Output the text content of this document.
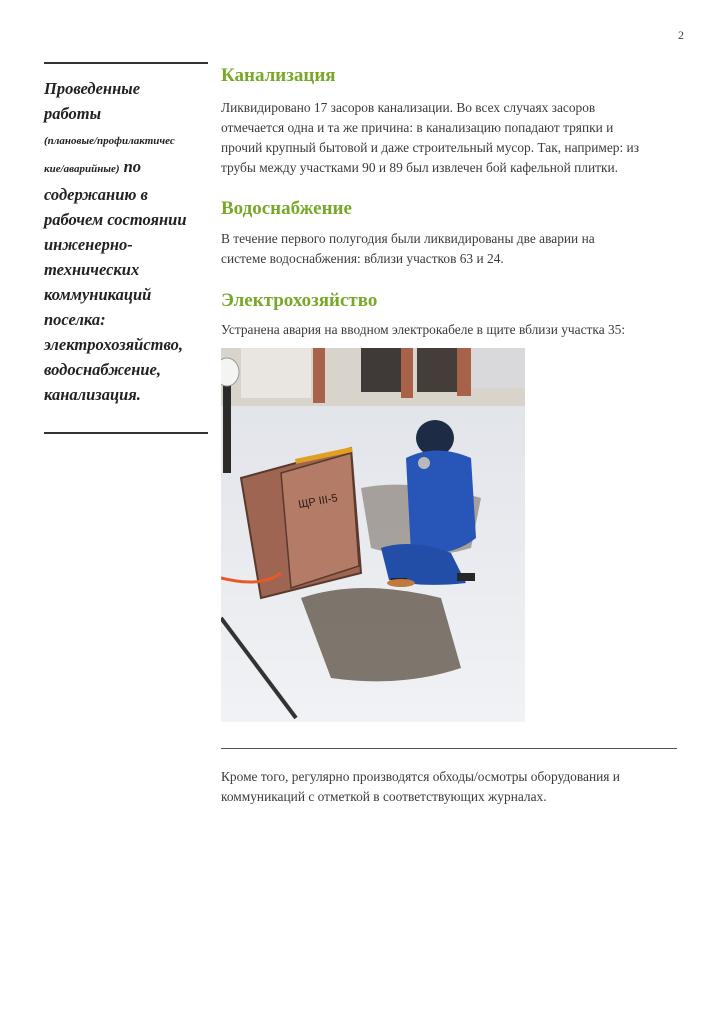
2
Проведенные
работы
(плановые/профилактичес
кие/аварийные) по
содержанию в
рабочем состоянии
инженерно-
технических
коммуникаций
поселка:
электрохозяйство,
водоснабжение,
канализация.
Канализация

Ликвидировано 17 засоров канализации. Во всех случаях засоров
отмечается одна и та же причина: в канализацию попадают тряпки и
прочий крупный бытовой и даже строительный мусор. Так, например: из
трубы между участками 90 и 89 был извлечен бой кафельной плитки.

Водоснабжение

В течение первого полугодия были ликвидированы две аварии на
системе водоснабжения: вблизи участков 63 и 24.

Электрохозяйство

Устранена авария на вводном электрокабеле в щите вблизи участка 35:

ЩР III-5

Кроме того, регулярно производятся обходы/осмотры оборудования и
коммуникаций с отметкой в соответствующих журналах.
